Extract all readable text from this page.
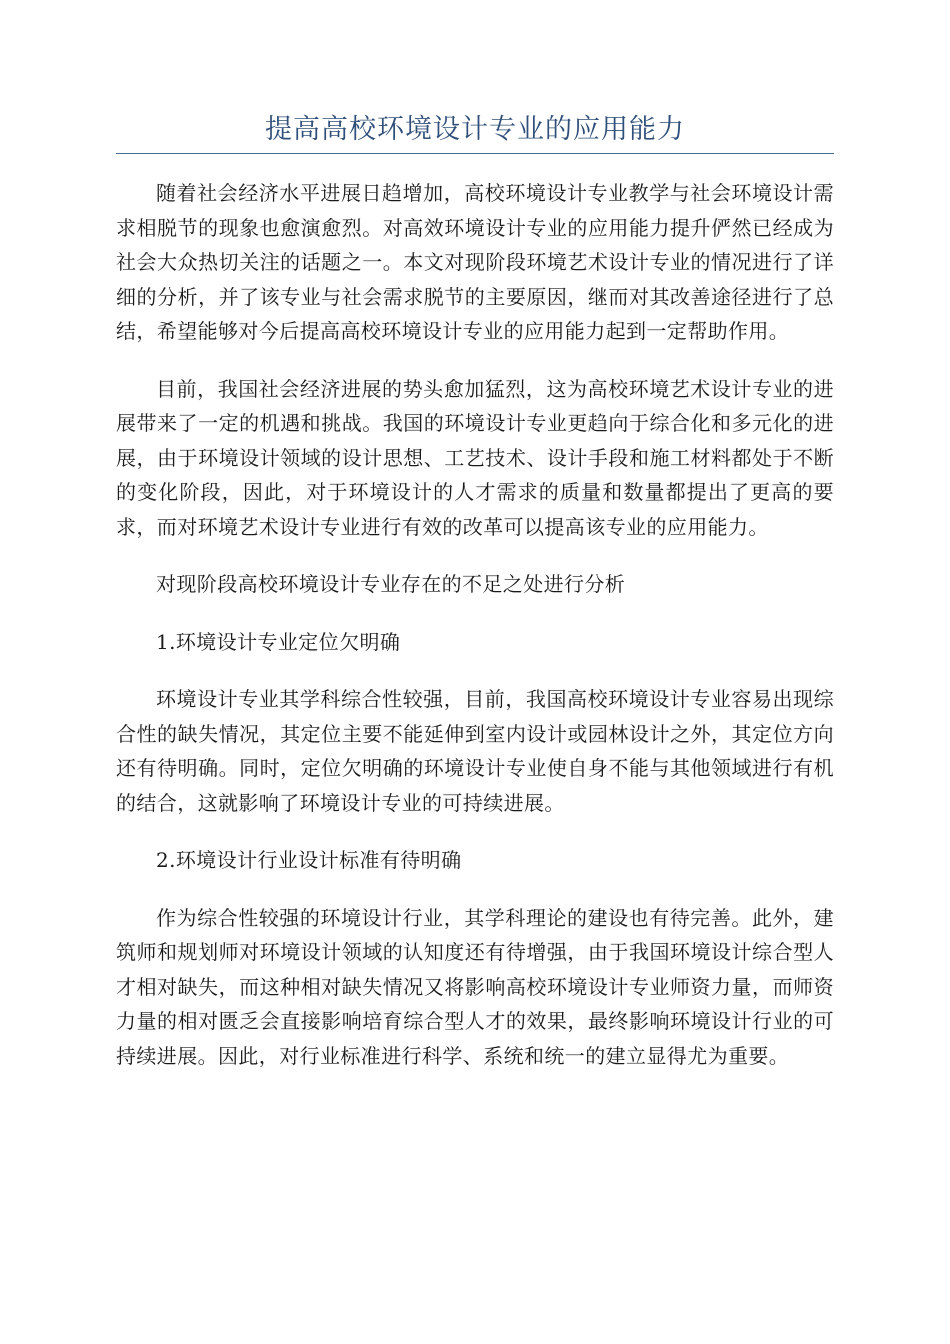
提高高校环境设计专业的应用能力

随着社会经济水平进展日趋增加，高校环境设计专业教学与社会环境设计需求相脱节的现象也愈演愈烈。对高效环境设计专业的应用能力提升俨然已经成为社会大众热切关注的话题之一。本文对现阶段环境艺术设计专业的情况进行了详细的分析，并了该专业与社会需求脱节的主要原因，继而对其改善途径进行了总结，希望能够对今后提高高校环境设计专业的应用能力起到一定帮助作用。

目前，我国社会经济进展的势头愈加猛烈，这为高校环境艺术设计专业的进展带来了一定的机遇和挑战。我国的环境设计专业更趋向于综合化和多元化的进展，由于环境设计领域的设计思想、工艺技术、设计手段和施工材料都处于不断的变化阶段，因此，对于环境设计的人才需求的质量和数量都提出了更高的要求，而对环境艺术设计专业进行有效的改革可以提高该专业的应用能力。

对现阶段高校环境设计专业存在的不足之处进行分析

1.环境设计专业定位欠明确

环境设计专业其学科综合性较强，目前，我国高校环境设计专业容易出现综合性的缺失情况，其定位主要不能延伸到室内设计或园林设计之外，其定位方向还有待明确。同时，定位欠明确的环境设计专业使自身不能与其他领域进行有机的结合，这就影响了环境设计专业的可持续进展。

2.环境设计行业设计标准有待明确

作为综合性较强的环境设计行业，其学科理论的建设也有待完善。此外，建筑师和规划师对环境设计领域的认知度还有待增强，由于我国环境设计综合型人才相对缺失，而这种相对缺失情况又将影响高校环境设计专业师资力量，而师资力量的相对匮乏会直接影响培育综合型人才的效果，最终影响环境设计行业的可持续进展。因此，对行业标准进行科学、系统和统一的建立显得尤为重要。
